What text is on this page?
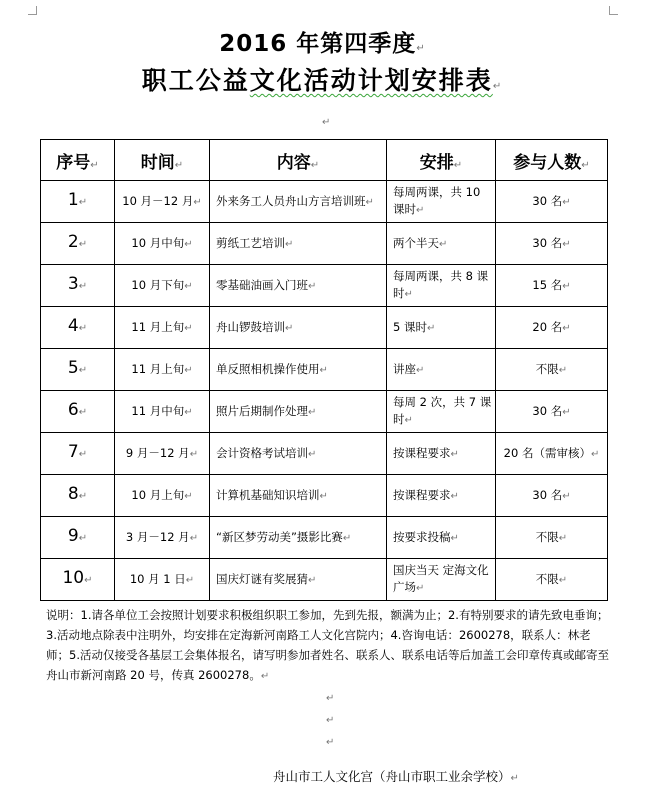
2016 年第四季度↵
职工公益文化活动计划安排表↵
↵
序号↵	时间↵	内容↵	安排↵	参与人数↵
1↵	10 月－12 月↵	外来务工人员舟山方言培训班↵	每周两课，共 10 课时↵	30 名↵
2↵	10 月中旬↵	剪纸工艺培训↵	两个半天↵	30 名↵
3↵	10 月下旬↵	零基础油画入门班↵	每周两课，共 8 课时↵	15 名↵
4↵	11 月上旬↵	舟山锣鼓培训↵	5 课时↵	20 名↵
5↵	11 月上旬↵	单反照相机操作使用↵	讲座↵	不限↵
6↵	11 月中旬↵	照片后期制作处理↵	每周 2 次，共 7 课时↵	30 名↵
7↵	9 月－12 月↵	会计资格考试培训↵	按课程要求↵	20 名（需审核）↵
8↵	10 月上旬↵	计算机基础知识培训↵	按课程要求↵	30 名↵
9↵	3 月－12 月↵	“新区梦劳动美”摄影比赛↵	按要求投稿↵	不限↵
10↵	10 月 1 日↵	国庆灯谜有奖展猜↵	国庆当天 定海文化广场↵	不限↵
说明：1.请各单位工会按照计划要求积极组织职工参加，先到先报，额满为止；2.有特别要求的请先致电垂询；3.活动地点除表中注明外，均安排在定海新河南路工人文化宫院内；4.咨询电话：2600278，联系人：林老师；5.活动仅接受各基层工会集体报名，请写明参加者姓名、联系人、联系电话等后加盖工会印章传真或邮寄至舟山市新河南路 20 号，传真 2600278。↵
↵
↵
↵
舟山市工人文化宫（舟山市职工业余学校）↵
